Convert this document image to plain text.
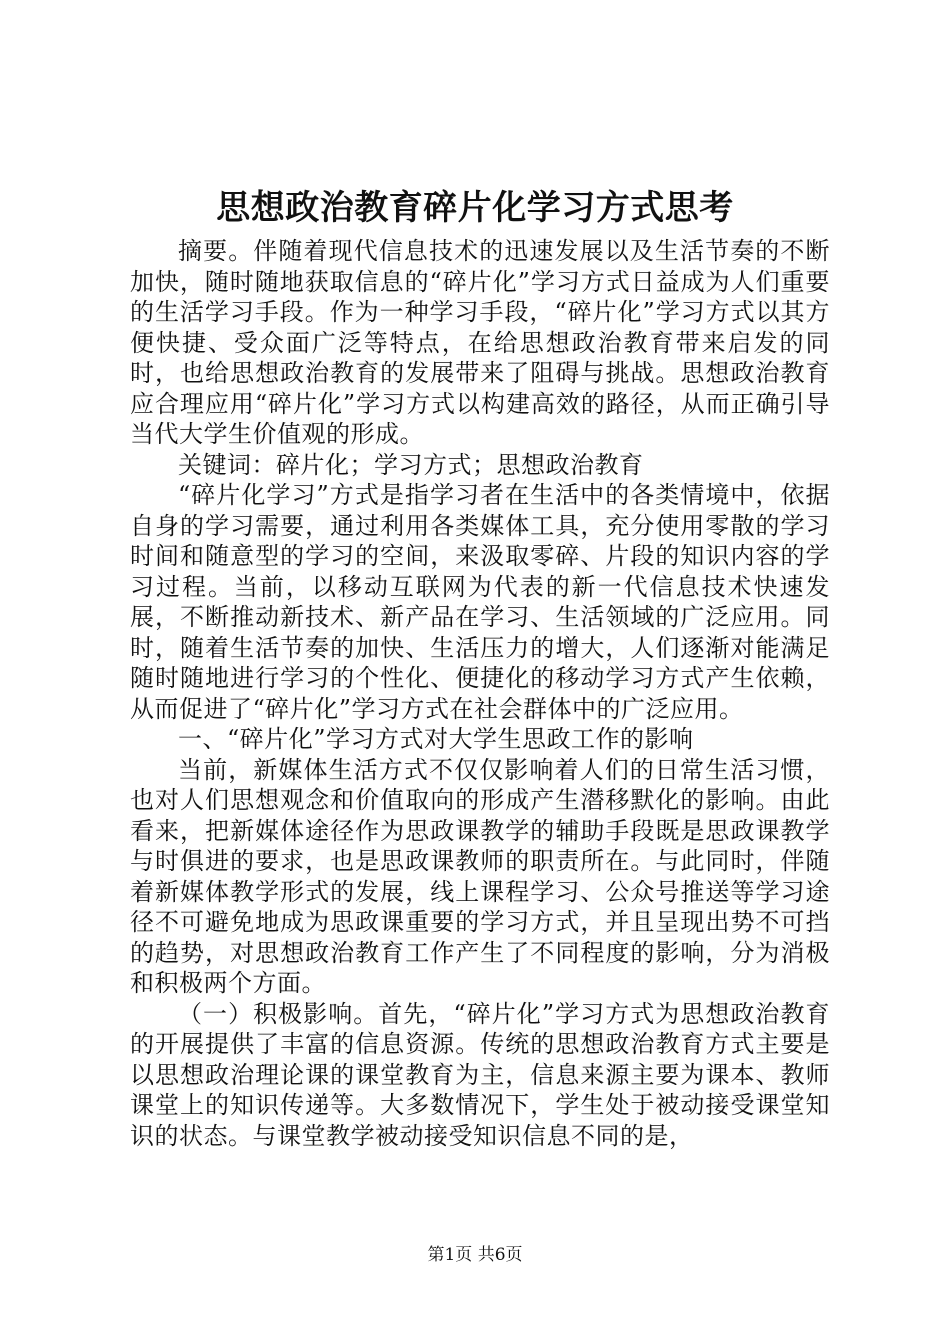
思想政治教育碎片化学习方式思考

摘要。伴随着现代信息技术的迅速发展以及生活节奏的不断加快，随时随地获取信息的“碎片化”学习方式日益成为人们重要的生活学习手段。作为一种学习手段，“碎片化”学习方式以其方便快捷、受众面广泛等特点，在给思想政治教育带来启发的同时，也给思想政治教育的发展带来了阻碍与挑战。思想政治教育应合理应用“碎片化”学习方式以构建高效的路径，从而正确引导当代大学生价值观的形成。

关键词：碎片化；学习方式；思想政治教育

“碎片化学习”方式是指学习者在生活中的各类情境中，依据自身的学习需要，通过利用各类媒体工具，充分使用零散的学习时间和随意型的学习的空间，来汲取零碎、片段的知识内容的学习过程。当前，以移动互联网为代表的新一代信息技术快速发展，不断推动新技术、新产品在学习、生活领域的广泛应用。同时，随着生活节奏的加快、生活压力的增大，人们逐渐对能满足随时随地进行学习的个性化、便捷化的移动学习方式产生依赖，从而促进了“碎片化”学习方式在社会群体中的广泛应用。

一、“碎片化”学习方式对大学生思政工作的影响

当前，新媒体生活方式不仅仅影响着人们的日常生活习惯，也对人们思想观念和价值取向的形成产生潜移默化的影响。由此看来，把新媒体途径作为思政课教学的辅助手段既是思政课教学与时俱进的要求，也是思政课教师的职责所在。与此同时，伴随着新媒体教学形式的发展，线上课程学习、公众号推送等学习途径不可避免地成为思政课重要的学习方式，并且呈现出势不可挡的趋势，对思想政治教育工作产生了不同程度的影响，分为消极和积极两个方面。

（一）积极影响。首先，“碎片化”学习方式为思想政治教育的开展提供了丰富的信息资源。传统的思想政治教育方式主要是以思想政治理论课的课堂教育为主，信息来源主要为课本、教师课堂上的知识传递等。大多数情况下，学生处于被动接受课堂知识的状态。与课堂教学被动接受知识信息不同的是，

第1页 共6页
